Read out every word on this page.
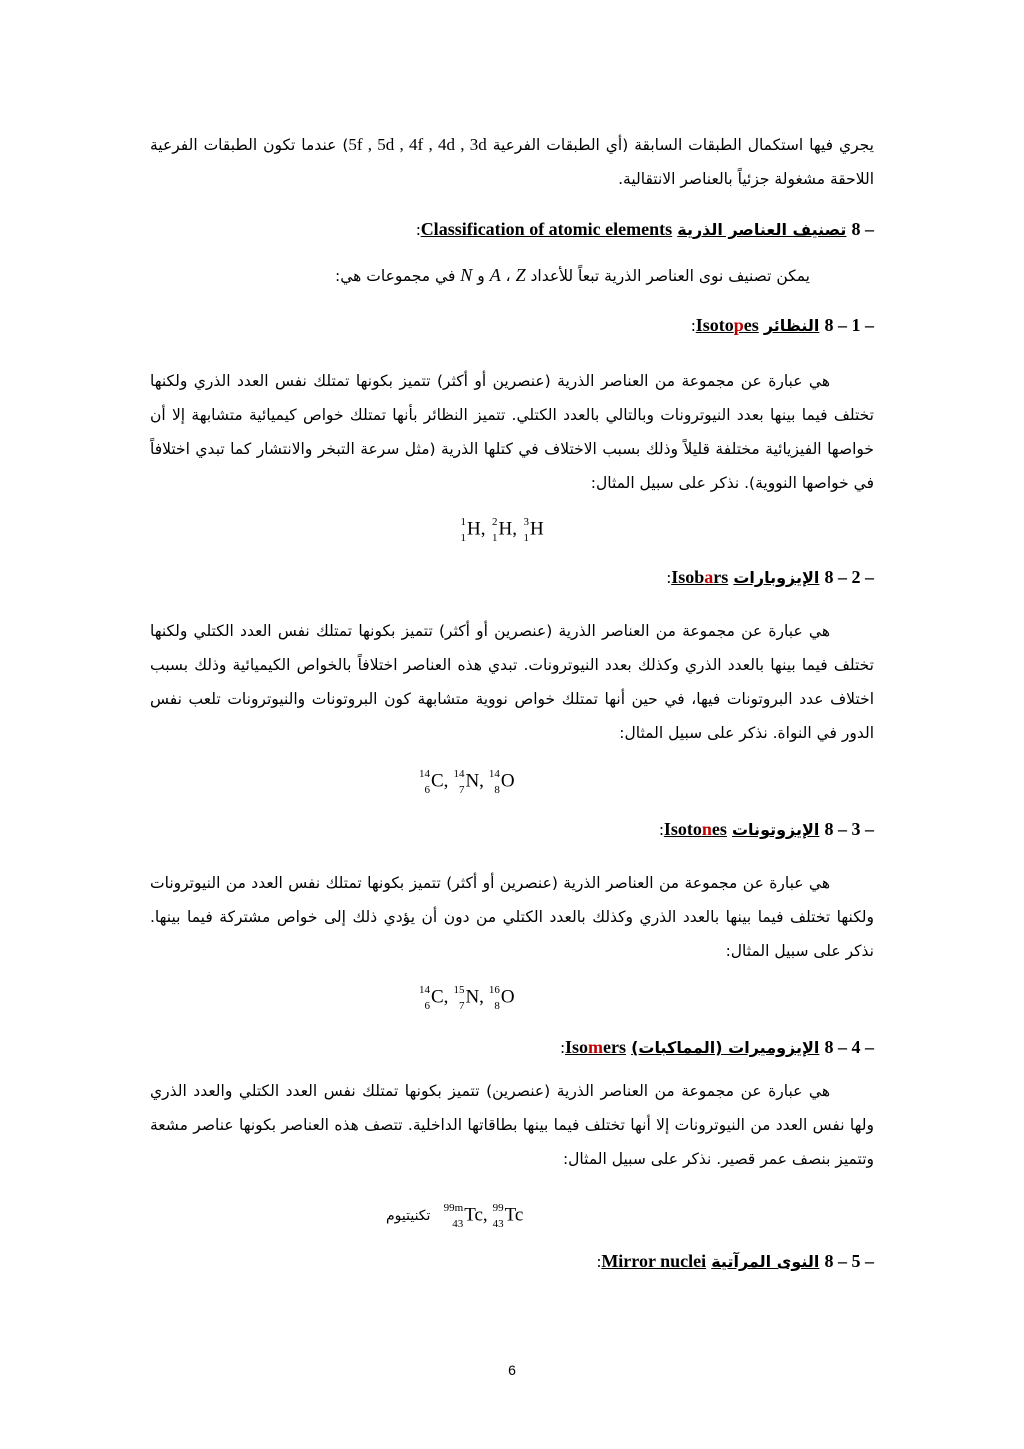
يجري فيها استكمال الطبقات السابقة (أي الطبقات الفرعية 5f , 5d , 4f , 4d , 3d) عندما تكون الطبقات الفرعية اللاحقة مشغولة جزئياً بالعناصر الانتقالية.

8 – تصنيف العناصر الذرية Classification of atomic elements:

يمكن تصنيف نوى العناصر الذرية تبعاً للأعداد A ، Z و N في مجموعات هي:

8 – 1 – النظائر Isotopes:

هي عبارة عن مجموعة من العناصر الذرية (عنصرين أو أكثر) تتميز بكونها تمتلك نفس العدد الذري ولكنها تختلف فيما بينها بعدد النيوترونات وبالتالي بالعدد الكتلي. تتميز النظائر بأنها تمتلك خواص كيميائية متشابهة إلا أن خواصها الفيزيائية مختلفة قليلاً وذلك بسبب الاختلاف في كتلها الذرية (مثل سرعة التبخر والانتشار كما تبدي اختلافاً في خواصها النووية). نذكر على سبيل المثال:

1
1 H, 2
1 H, 3
1 H

8 – 2 – الإيزوبارات Isobars:

هي عبارة عن مجموعة من العناصر الذرية (عنصرين أو أكثر) تتميز بكونها تمتلك نفس العدد الكتلي ولكنها تختلف فيما بينها بالعدد الذري وكذلك بعدد النيوترونات. تبدي هذه العناصر اختلافاً بالخواص الكيميائية وذلك بسبب اختلاف عدد البروتونات فيها، في حين أنها تمتلك خواص نووية متشابهة كون البروتونات والنيوترونات تلعب نفس الدور في النواة. نذكر على سبيل المثال:

14
6 C, 14
7 N, 14
8 O

8 – 3 – الإيزوتونات Isotones:

هي عبارة عن مجموعة من العناصر الذرية (عنصرين أو أكثر) تتميز بكونها تمتلك نفس العدد من النيوترونات ولكنها تختلف فيما بينها بالعدد الذري وكذلك بالعدد الكتلي من دون أن يؤدي ذلك إلى خواص مشتركة فيما بينها. نذكر على سبيل المثال:

14
6 C, 15
7 N, 16
8 O

8 – 4 – الإيزوميرات (المماكبات) Isomers:

هي عبارة عن مجموعة من العناصر الذرية (عنصرين) تتميز بكونها تمتلك نفس العدد الكتلي والعدد الذري ولها نفس العدد من النيوترونات إلا أنها تختلف فيما بينها بطاقاتها الداخلية. تتصف هذه العناصر بكونها عناصر مشعة وتتميز بنصف عمر قصير. نذكر على سبيل المثال:

تكنيتيوم
99m
43 Tc, 99
43 Tc

8 – 5 – النوى المرآتية Mirror nuclei:

6
